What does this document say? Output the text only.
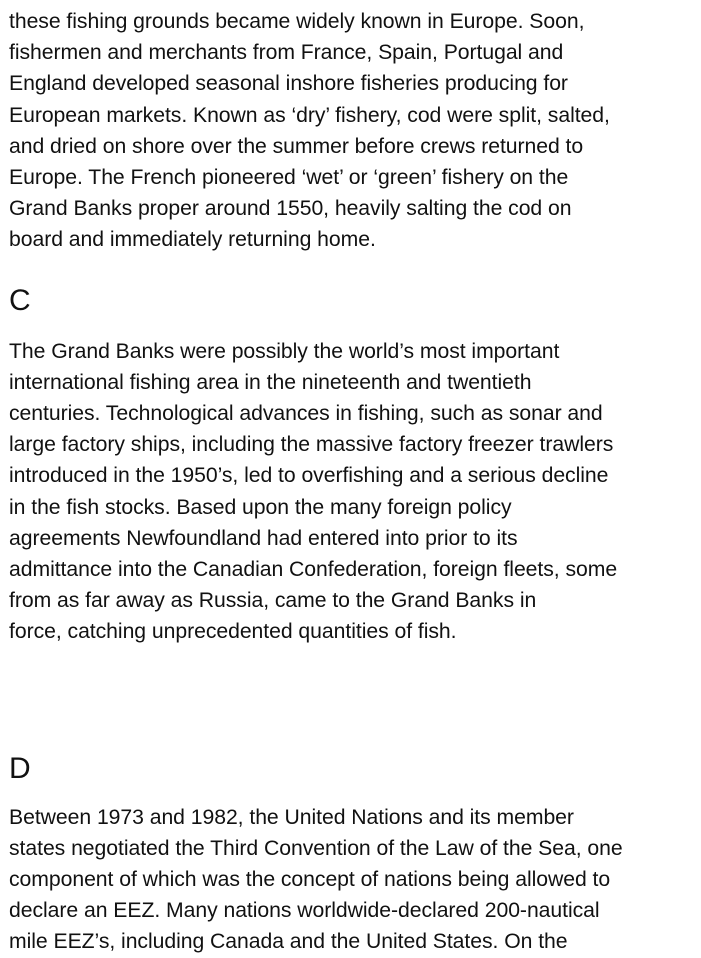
these fishing grounds became widely known in Europe. Soon,
fishermen and merchants from France, Spain, Portugal and
England developed seasonal inshore fisheries producing for
European markets. Known as ‘dry’ fishery, cod were split, salted,
and dried on shore over the summer before crews returned to
Europe. The French pioneered ‘wet’ or ‘green’ fishery on the
Grand Banks proper around 1550, heavily salting the cod on
board and immediately returning home.

C

The Grand Banks were possibly the world’s most important
international fishing area in the nineteenth and twentieth
centuries. Technological advances in fishing, such as sonar and
large factory ships, including the massive factory freezer trawlers
introduced in the 1950’s, led to overfishing and a serious decline
in the fish stocks. Based upon the many foreign policy
agreements Newfoundland had entered into prior to its
admittance into the Canadian Confederation, foreign fleets, some
from as far away as Russia, came to the Grand Banks in
force, catching unprecedented quantities of fish.

D

Between 1973 and 1982, the United Nations and its member
states negotiated the Third Convention of the Law of the Sea, one
component of which was the concept of nations being allowed to
declare an EEZ. Many nations worldwide-declared 200-nautical
mile EEZ’s, including Canada and the United States. On the
